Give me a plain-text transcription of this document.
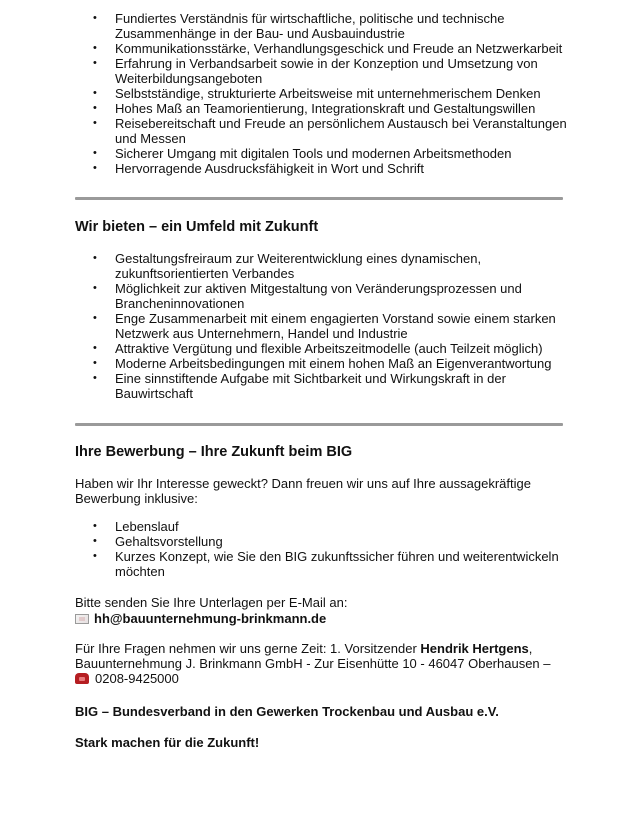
• Fundiertes Verständnis für wirtschaftliche, politische und technische Zusammenhänge in der Bau- und Ausbauindustrie
• Kommunikationsstärke, Verhandlungsgeschick und Freude an Netzwerkarbeit
• Erfahrung in Verbandsarbeit sowie in der Konzeption und Umsetzung von Weiterbildungsangeboten
• Selbstständige, strukturierte Arbeitsweise mit unternehmerischem Denken
• Hohes Maß an Teamorientierung, Integrationskraft und Gestaltungswillen
• Reisebereitschaft und Freude an persönlichem Austausch bei Veranstaltungen und Messen
• Sicherer Umgang mit digitalen Tools und modernen Arbeitsmethoden
• Hervorragende Ausdrucksfähigkeit in Wort und Schrift
Wir bieten – ein Umfeld mit Zukunft
• Gestaltungsfreiraum zur Weiterentwicklung eines dynamischen, zukunftsorientierten Verbandes
• Möglichkeit zur aktiven Mitgestaltung von Veränderungsprozessen und Brancheninnovationen
• Enge Zusammenarbeit mit einem engagierten Vorstand sowie einem starken Netzwerk aus Unternehmern, Handel und Industrie
• Attraktive Vergütung und flexible Arbeitszeitmodelle (auch Teilzeit möglich)
• Moderne Arbeitsbedingungen mit einem hohen Maß an Eigenverantwortung
• Eine sinnstiftende Aufgabe mit Sichtbarkeit und Wirkungskraft in der Bauwirtschaft
Ihre Bewerbung – Ihre Zukunft beim BIG
Haben wir Ihr Interesse geweckt? Dann freuen wir uns auf Ihre aussagekräftige Bewerbung inklusive:
• Lebenslauf
• Gehaltsvorstellung
• Kurzes Konzept, wie Sie den BIG zukunftssicher führen und weiterentwickeln möchten
Bitte senden Sie Ihre Unterlagen per E-Mail an:
hh@bauunternehmung-brinkmann.de
Für Ihre Fragen nehmen wir uns gerne Zeit: 1. Vorsitzender Hendrik Hertgens,
Bauunternehmung J. Brinkmann GmbH - Zur Eisenhütte 10 - 46047 Oberhausen –
0208-9425000
BIG – Bundesverband in den Gewerken Trockenbau und Ausbau e.V.
Stark machen für die Zukunft!
